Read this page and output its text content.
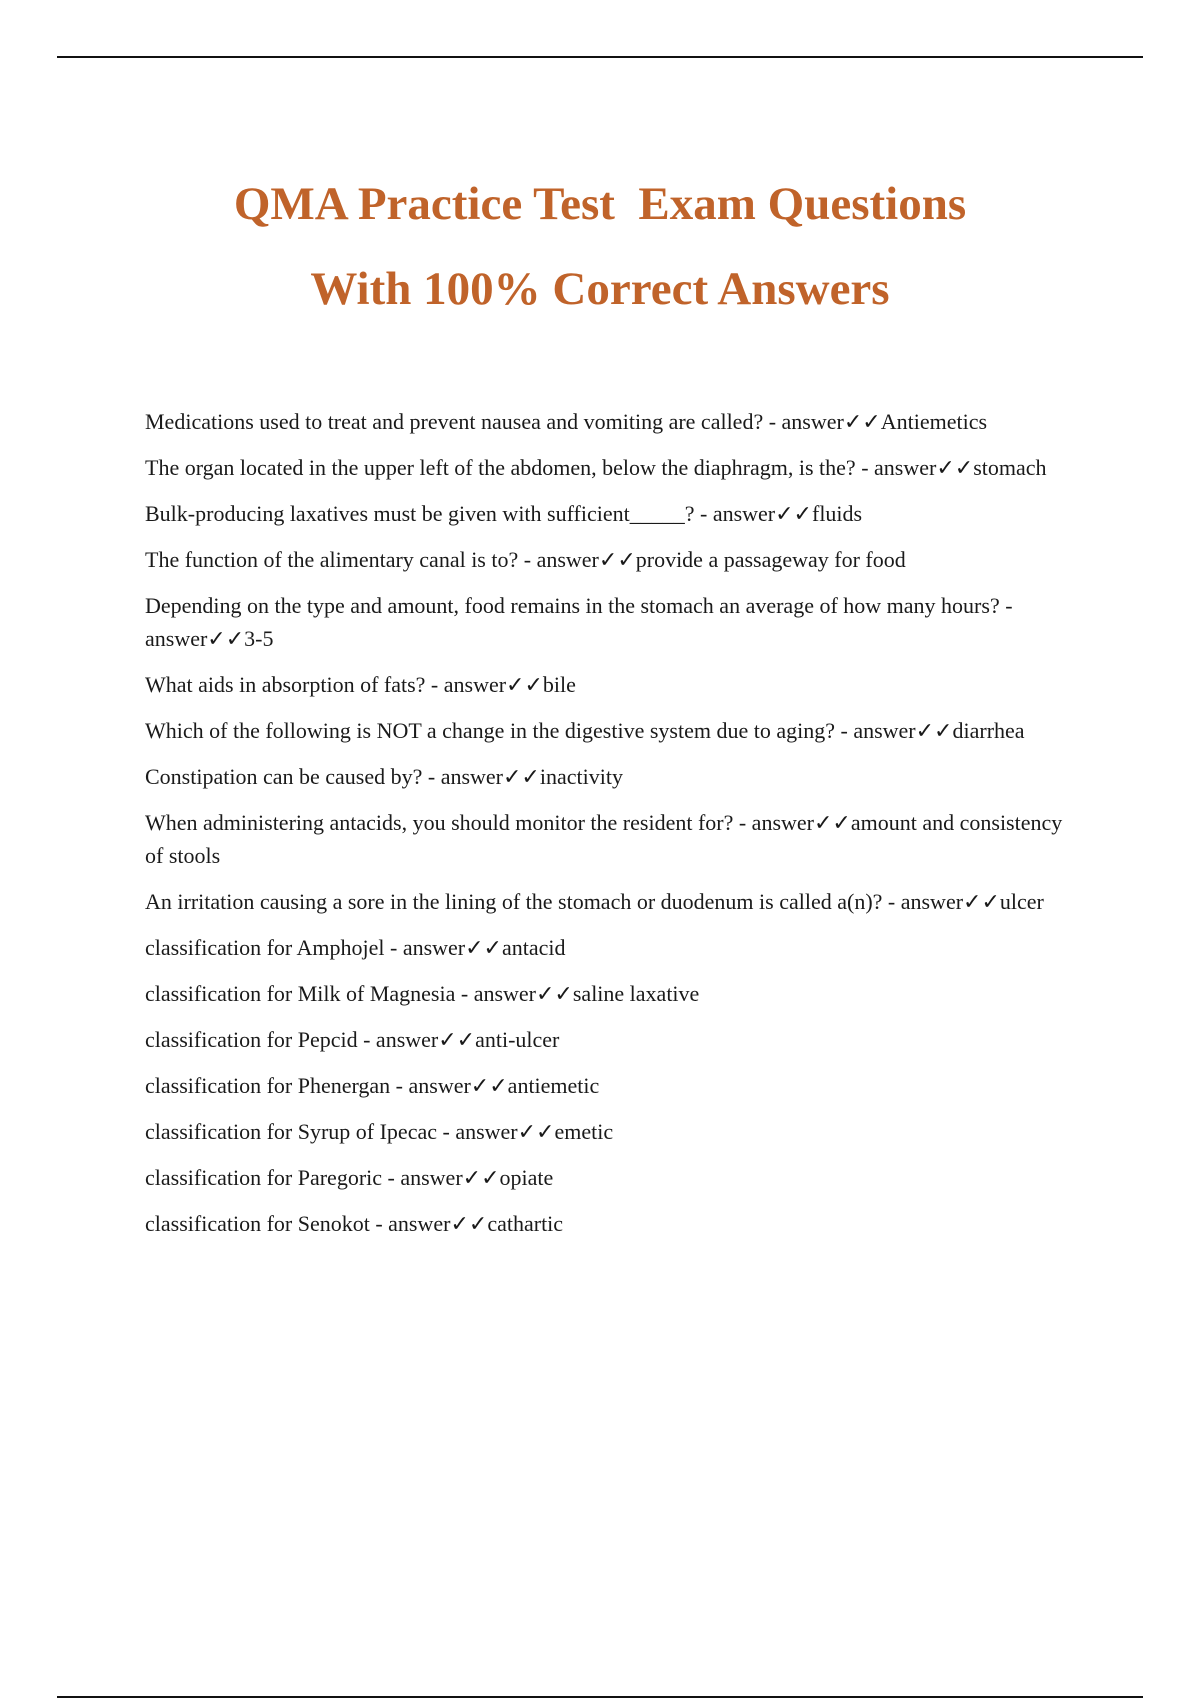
QMA Practice Test  Exam Questions
With 100% Correct Answers

Medications used to treat and prevent nausea and vomiting are called? - answer✓✓Antiemetics

The organ located in the upper left of the abdomen, below the diaphragm, is the? - answer✓✓stomach

Bulk-producing laxatives must be given with sufficient_____? - answer✓✓fluids

The function of the alimentary canal is to? - answer✓✓provide a passageway for food

Depending on the type and amount, food remains in the stomach an average of how many hours? - answer✓✓3-5

What aids in absorption of fats? - answer✓✓bile

Which of the following is NOT a change in the digestive system due to aging? - answer✓✓diarrhea

Constipation can be caused by? - answer✓✓inactivity

When administering antacids, you should monitor the resident for? - answer✓✓amount and consistency of stools

An irritation causing a sore in the lining of the stomach or duodenum is called a(n)? - answer✓✓ulcer

classification for Amphojel - answer✓✓antacid

classification for Milk of Magnesia - answer✓✓saline laxative

classification for Pepcid - answer✓✓anti-ulcer

classification for Phenergan - answer✓✓antiemetic

classification for Syrup of Ipecac - answer✓✓emetic

classification for Paregoric - answer✓✓opiate

classification for Senokot - answer✓✓cathartic
